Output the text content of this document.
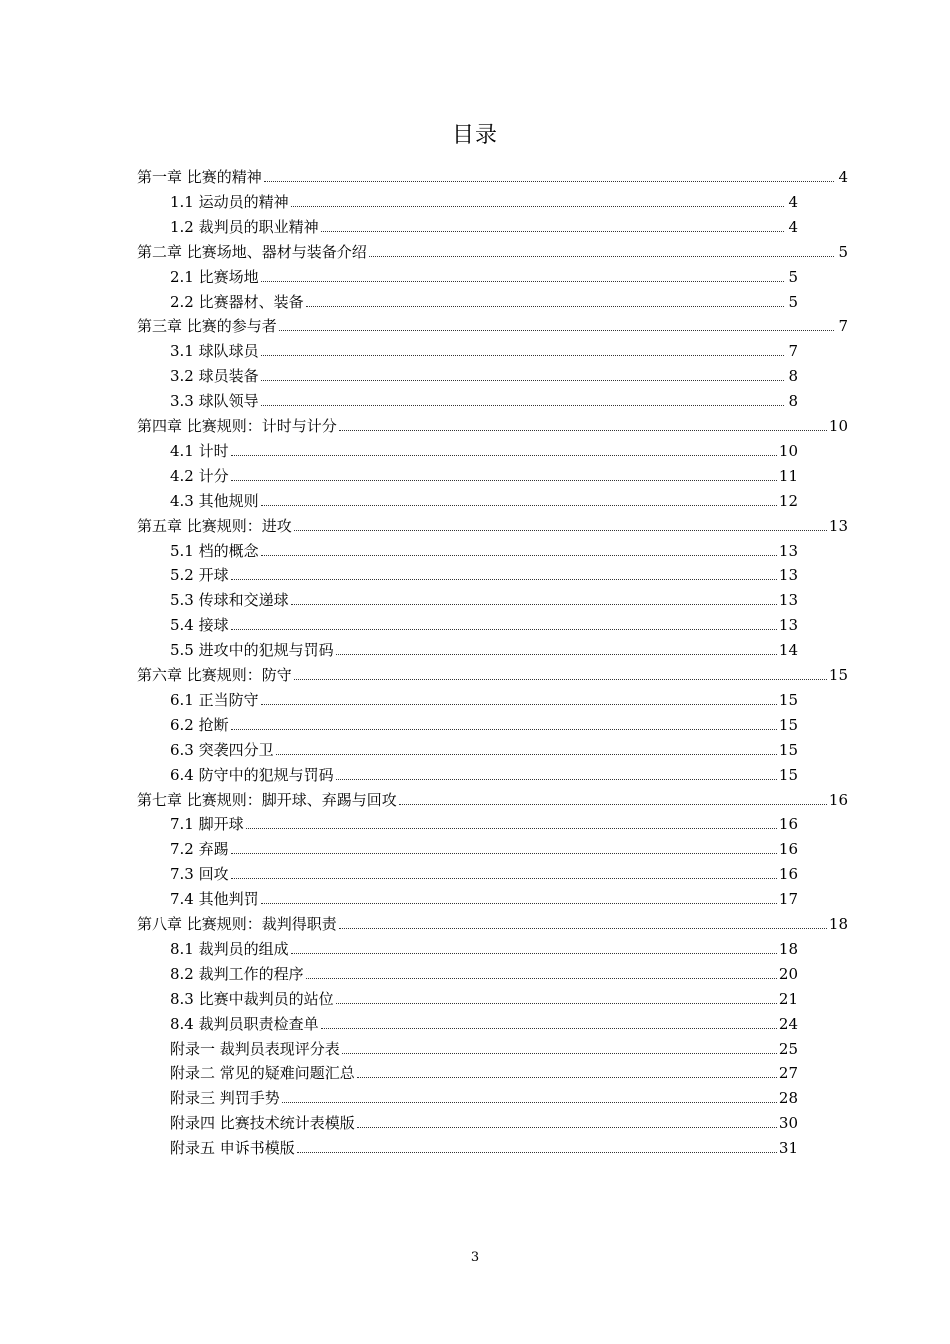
目录
第一章 比赛的精神	4
1.1 运动员的精神	4
1.2 裁判员的职业精神	4
第二章 比赛场地、器材与装备介绍	5
2.1 比赛场地	5
2.2 比赛器材、装备	5
第三章 比赛的参与者	7
3.1 球队球员	7
3.2 球员装备	8
3.3 球队领导	8
第四章 比赛规则：计时与计分	10
4.1 计时	10
4.2 计分	11
4.3 其他规则	12
第五章 比赛规则：进攻	13
5.1 档的概念	13
5.2 开球	13
5.3 传球和交递球	13
5.4 接球	13
5.5 进攻中的犯规与罚码	14
第六章 比赛规则：防守	15
6.1 正当防守	15
6.2 抢断	15
6.3 突袭四分卫	15
6.4 防守中的犯规与罚码	15
第七章 比赛规则：脚开球、弃踢与回攻	16
7.1 脚开球	16
7.2 弃踢	16
7.3 回攻	16
7.4 其他判罚	17
第八章 比赛规则：裁判得职责	18
8.1 裁判员的组成	18
8.2 裁判工作的程序	20
8.3 比赛中裁判员的站位	21
8.4 裁判员职责检查单	24
附录一 裁判员表现评分表	25
附录二 常见的疑难问题汇总	27
附录三 判罚手势	28
附录四 比赛技术统计表模版	30
附录五 申诉书模版	31
3
